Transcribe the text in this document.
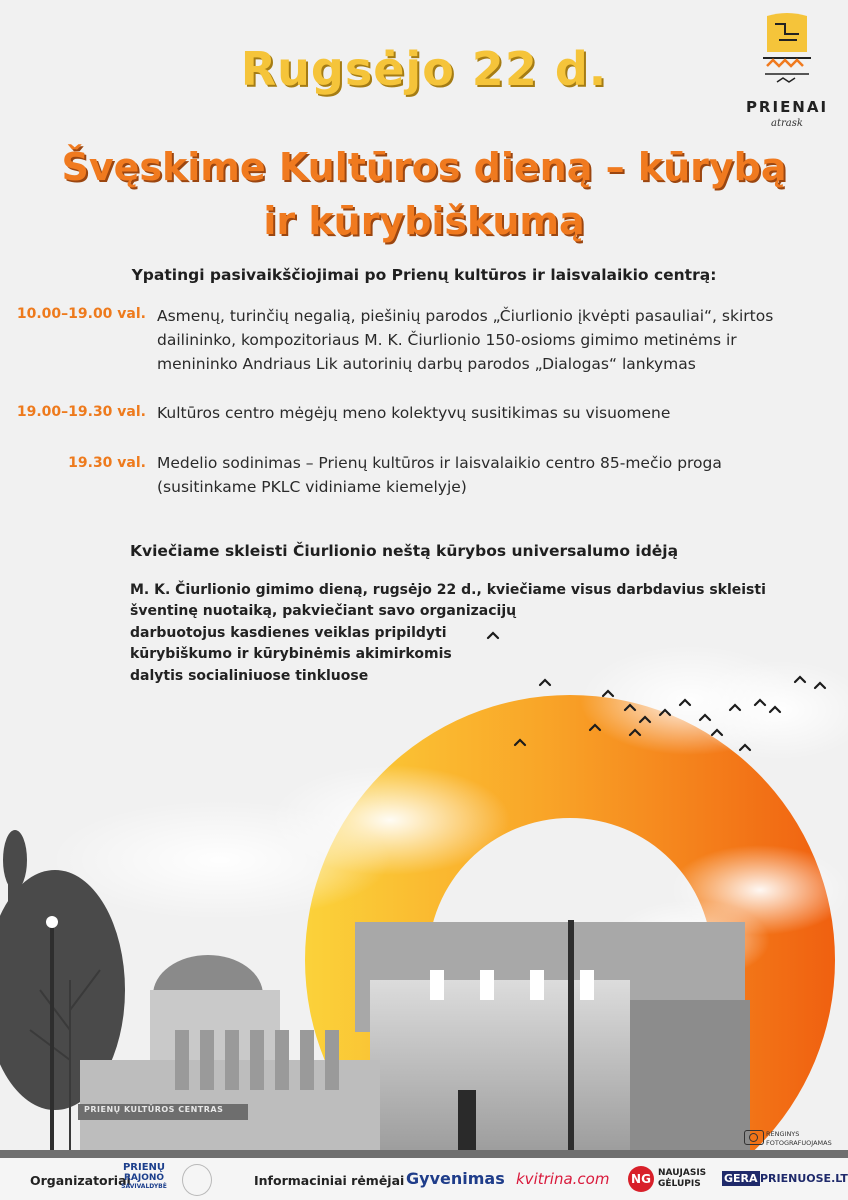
PRIENŲ KULTŪROS CENTRAS
RENGINYS
FOTOGRAFUOJAMAS
PRIENAI
atrask
Rugsėjo 22 d.
Švęskime Kultūros dieną – kūrybą ir kūrybiškumą
Ypatingi pasivaikščiojimai po Prienų kultūros ir laisvalaikio centrą:
10.00–19.00 val. Asmenų, turinčių negalią, piešinių parodos „Čiurlionio įkvėpti pasauliai“, skirtos
dailininko, kompozitoriaus M. K. Čiurlionio 150-osioms gimimo metinėms ir
menininko Andriaus Lik autorinių darbų parodos „Dialogas“ lankymas
19.00–19.30 val. Kultūros centro mėgėjų meno kolektyvų susitikimas su visuomene
19.30 val. Medelio sodinimas – Prienų kultūros ir laisvalaikio centro 85-mečio proga
(susitinkame PKLC vidiniame kiemelyje)
Kviečiame skleisti Čiurlionio neštą kūrybos universalumo idėją
M. K. Čiurlionio gimimo dieną, rugsėjo 22 d., kviečiame visus darbdavius skleisti
šventinę nuotaiką, pakviečiant savo organizacijų
darbuotojus kasdienes veiklas pripildyti
kūrybiškumo ir kūrybinėmis akimirkomis
dalytis socialiniuose tinkluose
Organizatoriai
PRIENŲ
RAJONO
SAVIVALDYBĖ	Informaciniai rėmėjai Gyvenimas kvitrina.com NG NAUJASIS
GĖLUPIS GERA PRIENUOSE.LT
